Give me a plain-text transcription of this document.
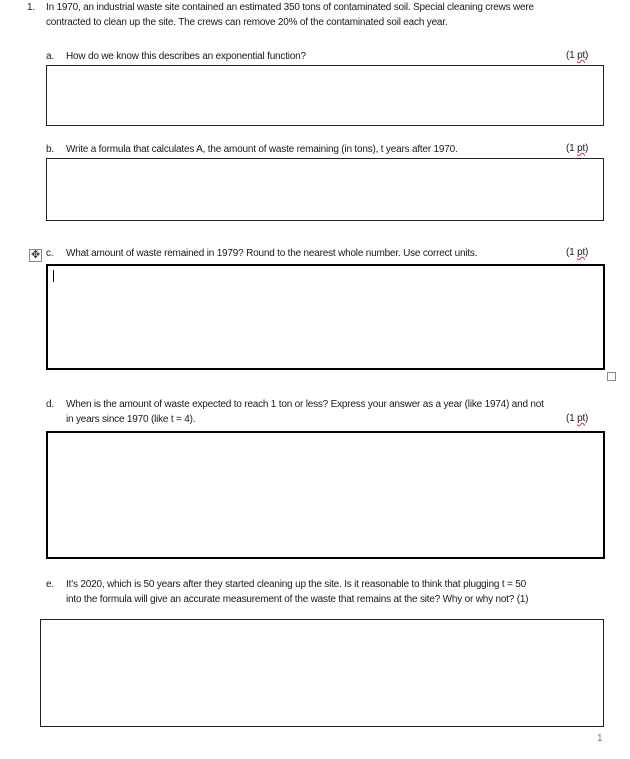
1. In 1970, an industrial waste site contained an estimated 350 tons of contaminated soil. Special cleaning crews were
contracted to clean up the site. The crews can remove 20% of the contaminated soil each year.
a. How do we know this describes an exponential function?	(1 pt)
b. Write a formula that calculates A, the amount of waste remaining (in tons), t years after 1970.	(1 pt)
✥ c. What amount of waste remained in 1979? Round to the nearest whole number. Use correct units.	(1 pt)
d. When is the amount of waste expected to reach 1 ton or less? Express your answer as a year (like 1974) and not
in years since 1970 (like t = 4).	(1 pt)
e. It’s 2020, which is 50 years after they started cleaning up the site. Is it reasonable to think that plugging t = 50
into the formula will give an accurate measurement of the waste that remains at the site? Why or why not? (1)
1
